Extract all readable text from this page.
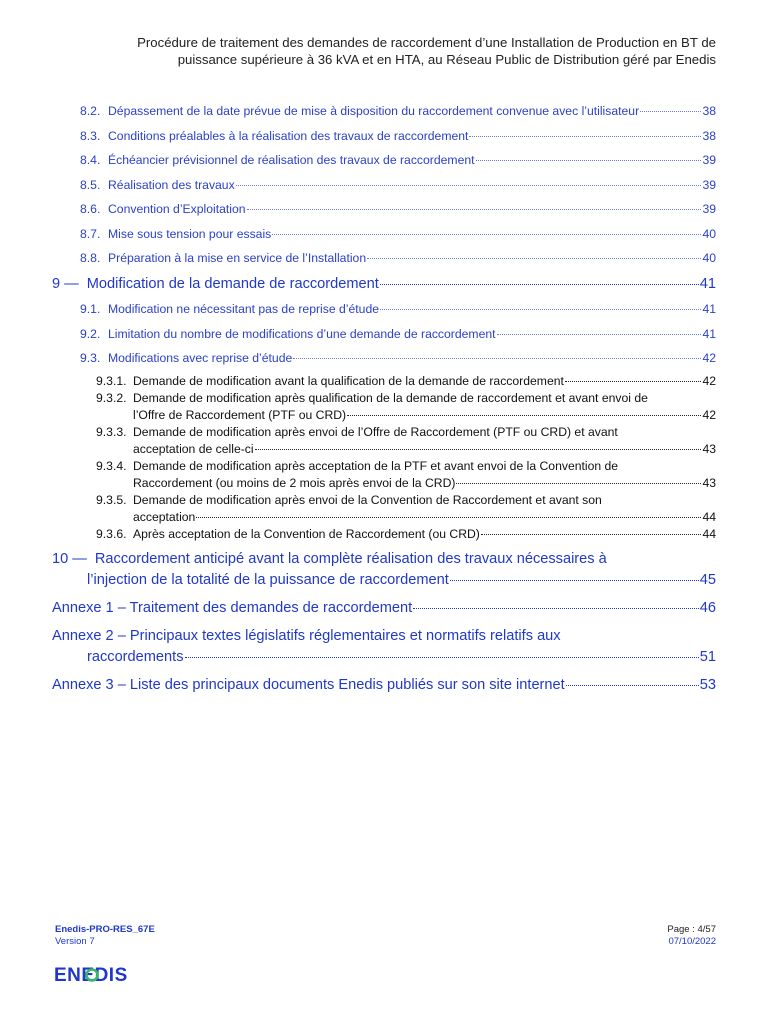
Procédure de traitement des demandes de raccordement d’une Installation de Production en BT de
puissance supérieure à 36 kVA et en HTA, au Réseau Public de Distribution géré par Enedis
8.2. Dépassement de la date prévue de mise à disposition du raccordement convenue avec l’utilisateur	38
8.3. Conditions préalables à la réalisation des travaux de raccordement	38
8.4. Échéancier prévisionnel de réalisation des travaux de raccordement	39
8.5. Réalisation des travaux	39
8.6. Convention d’Exploitation	39
8.7. Mise sous tension pour essais	40
8.8. Préparation à la mise en service de l’Installation	40
9 — Modification de la demande de raccordement	41
9.1. Modification ne nécessitant pas de reprise d’étude	41
9.2. Limitation du nombre de modifications d’une demande de raccordement	41
9.3. Modifications avec reprise d’étude	42
9.3.1. Demande de modification avant la qualification de la demande de raccordement	42
9.3.2. Demande de modification après qualification de la demande de raccordement et avant envoi de
l’Offre de Raccordement (PTF ou CRD)	42
9.3.3. Demande de modification après envoi de l’Offre de Raccordement (PTF ou CRD) et avant
acceptation de celle-ci	43
9.3.4. Demande de modification après acceptation de la PTF et avant envoi de la Convention de
Raccordement (ou moins de 2 mois après envoi de la CRD)	43
9.3.5. Demande de modification après envoi de la Convention de Raccordement et avant son
acceptation	44
9.3.6. Après acceptation de la Convention de Raccordement (ou CRD)	44
10 — Raccordement anticipé avant la complète réalisation des travaux nécessaires à
l’injection de la totalité de la puissance de raccordement	45
Annexe 1 – Traitement des demandes de raccordement	46
Annexe 2 – Principaux textes législatifs réglementaires et normatifs relatifs aux
raccordements	51
Annexe 3 – Liste des principaux documents Enedis publiés sur son site internet	53
Enedis-PRO-RES_67E
Version 7
Page : 4/57
07/10/2022
ENEDIS
